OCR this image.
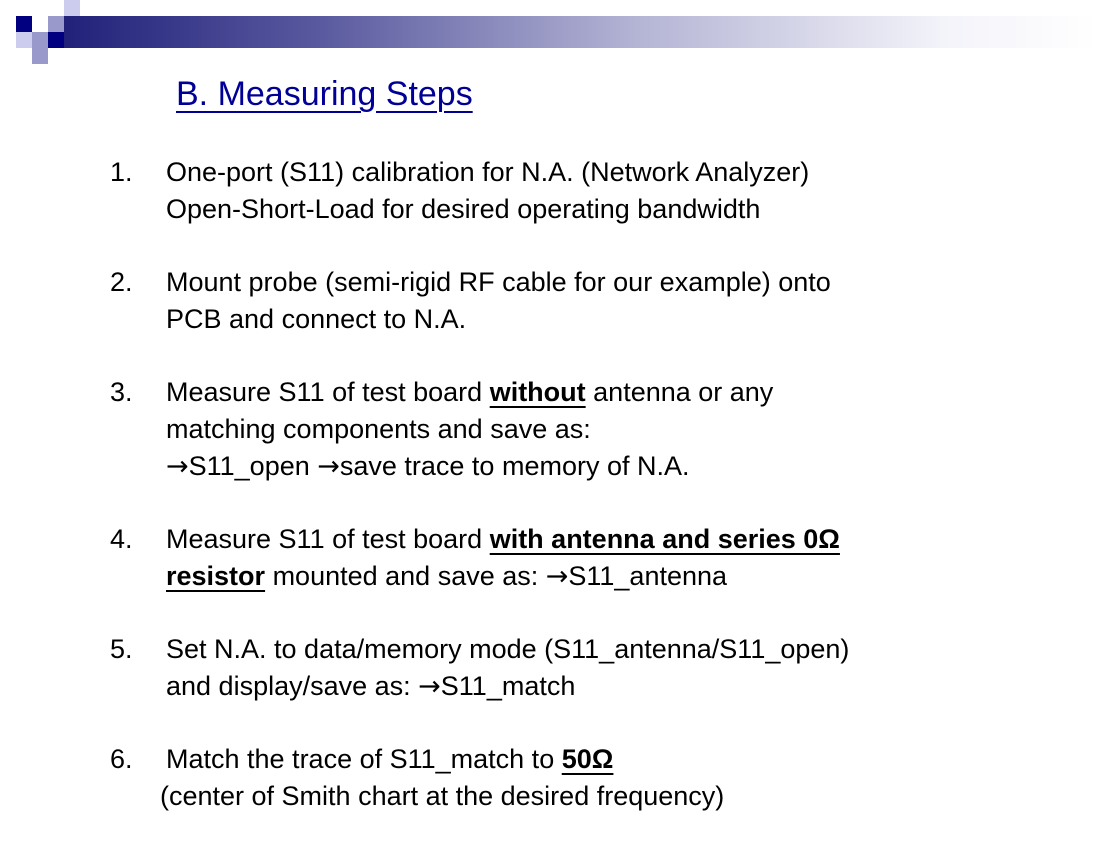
B. Measuring Steps
1. One-port (S11) calibration for N.A. (Network Analyzer)
Open-Short-Load for desired operating bandwidth
2. Mount probe (semi-rigid RF cable for our example) onto
PCB and connect to N.A.
3. Measure S11 of test board without antenna or any
matching components and save as:
→S11_open →save trace to memory of N.A.
4. Measure S11 of test board with antenna and series 0Ω
resistor mounted and save as: →S11_antenna
5. Set N.A. to data/memory mode (S11_antenna/S11_open)
and display/save as: →S11_match
6. Match the trace of S11_match to 50Ω
(center of Smith chart at the desired frequency)
